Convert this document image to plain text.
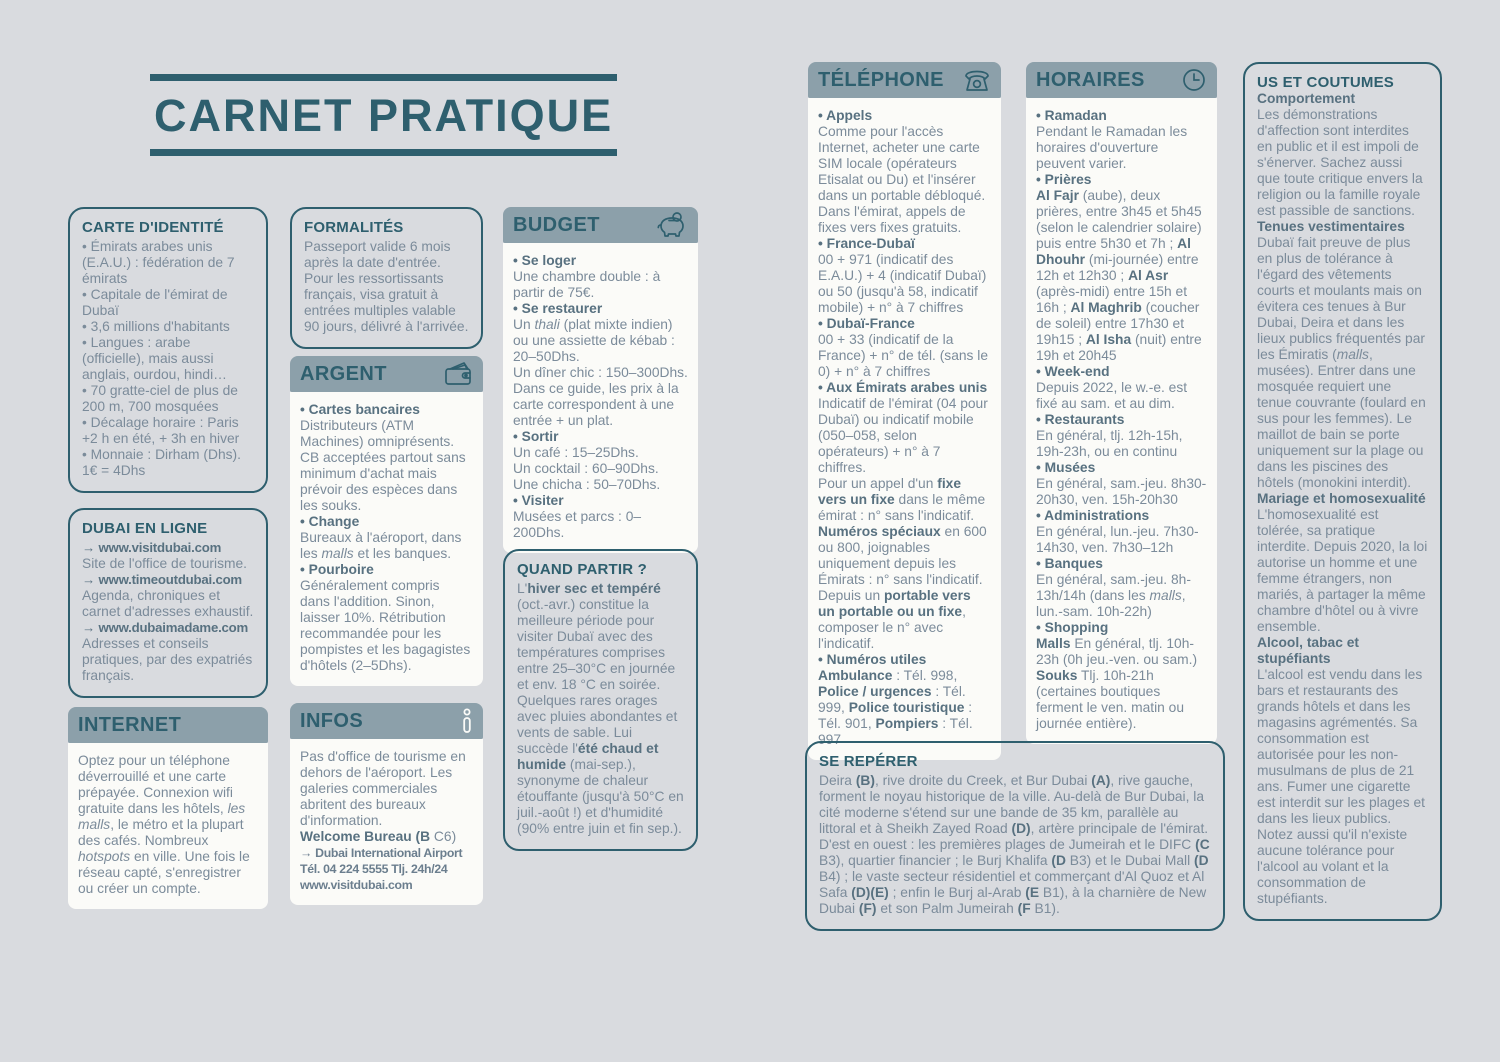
CARNET PRATIQUE
CARTE D'IDENTITÉ
• Émirats arabes unis (E.A.U.) : fédération de 7 émirats
• Capitale de l'émirat de Dubaï
• 3,6 millions d'habitants
• Langues : arabe (officielle), mais aussi anglais, ourdou, hindi…
• 70 gratte-ciel de plus de 200 m, 700 mosquées
• Décalage horaire : Paris +2 h en été, + 3h en hiver
• Monnaie : Dirham (Dhs). 1€ = 4Dhs
DUBAI EN LIGNE
→ www.visitdubai.com
Site de l'office de tourisme.
→ www.timeoutdubai.com
Agenda, chroniques et carnet d'adresses exhaustif.
→ www.dubaimadame.com
Adresses et conseils pratiques, par des expatriés français.
INTERNET
Optez pour un téléphone déverrouillé et une carte prépayée. Connexion wifi gratuite dans les hôtels, les malls, le métro et la plupart des cafés. Nombreux hotspots en ville. Une fois le réseau capté, s'enregistrer ou créer un compte.
FORMALITÉS
Passeport valide 6 mois après la date d'entrée. Pour les ressortissants français, visa gratuit à entrées multiples valable 90 jours, délivré à l'arrivée.
ARGENT
• Cartes bancaires
Distributeurs (ATM Machines) omniprésents. CB acceptées partout sans minimum d'achat mais prévoir des espèces dans les souks.
• Change
Bureaux à l'aéroport, dans les malls et les banques.
• Pourboire
Généralement compris dans l'addition. Sinon, laisser 10%. Rétribution recommandée pour les pompistes et les bagagistes d'hôtels (2–5Dhs).
INFOS
Pas d'office de tourisme en dehors de l'aéroport. Les galeries commerciales abritent des bureaux d'information.
Welcome Bureau (B C6)
→ Dubai International Airport Tél. 04 224 5555 Tlj. 24h/24 www.visitdubai.com
BUDGET
• Se loger
Une chambre double : à partir de 75€.
• Se restaurer
Un thali (plat mixte indien) ou une assiette de kébab : 20–50Dhs.
Un dîner chic : 150–300Dhs.
Dans ce guide, les prix à la carte correspondent à une entrée + un plat.
• Sortir
Un café : 15–25Dhs.
Un cocktail : 60–90Dhs.
Une chicha : 50–70Dhs.
• Visiter
Musées et parcs : 0–200Dhs.
QUAND PARTIR ?
L'hiver sec et tempéré (oct.-avr.) constitue la meilleure période pour visiter Dubaï avec des températures comprises entre 25–30°C en journée et env. 18 °C en soirée. Quelques rares orages avec pluies abondantes et vents de sable. Lui succède l'été chaud et humide (mai-sep.), synonyme de chaleur étouffante (jusqu'à 50°C en juil.-août !) et d'humidité (90% entre juin et fin sep.).
TÉLÉPHONE
• Appels
Comme pour l'accès Internet, acheter une carte SIM locale (opérateurs Etisalat ou Du) et l'insérer dans un portable débloqué. Dans l'émirat, appels de fixes vers fixes gratuits.
• France-Dubaï
00 + 971 (indicatif des E.A.U.) + 4 (indicatif Dubaï) ou 50 (jusqu'à 58, indicatif mobile) + n° à 7 chiffres
• Dubaï-France
00 + 33 (indicatif de la France) + n° de tél. (sans le 0) + n° à 7 chiffres
• Aux Émirats arabes unis
Indicatif de l'émirat (04 pour Dubaï) ou indicatif mobile (050–058, selon opérateurs) + n° à 7 chiffres.
Pour un appel d'un fixe vers un fixe dans le même émirat : n° sans l'indicatif. Numéros spéciaux en 600 ou 800, joignables uniquement depuis les Émirats : n° sans l'indicatif. Depuis un portable vers un portable ou un fixe, composer le n° avec l'indicatif.
• Numéros utiles
Ambulance : Tél. 998, Police / urgences : Tél. 999, Police touristique : Tél. 901, Pompiers : Tél. 997
HORAIRES
• Ramadan
Pendant le Ramadan les horaires d'ouverture peuvent varier.
• Prières
Al Fajr (aube), deux prières, entre 3h45 et 5h45 (selon le calendrier solaire) puis entre 5h30 et 7h ; Al Dhouhr (mi-journée) entre 12h et 12h30 ; Al Asr (après-midi) entre 15h et 16h ; Al Maghrib (coucher de soleil) entre 17h30 et 19h15 ; Al Isha (nuit) entre 19h et 20h45
• Week-end
Depuis 2022, le w.-e. est fixé au sam. et au dim.
• Restaurants
En général, tlj. 12h-15h, 19h-23h, ou en continu
• Musées
En général, sam.-jeu. 8h30-20h30, ven. 15h-20h30
• Administrations
En général, lun.-jeu. 7h30-14h30, ven. 7h30–12h
• Banques
En général, sam.-jeu. 8h-13h/14h (dans les malls, lun.-sam. 10h-22h)
• Shopping
Malls En général, tlj. 10h-23h (0h jeu.-ven. ou sam.)
Souks Tlj. 10h-21h (certaines boutiques ferment le ven. matin ou journée entière).
US ET COUTUMES
Comportement
Les démonstrations d'affection sont interdites en public et il est impoli de s'énerver. Sachez aussi que toute critique envers la religion ou la famille royale est passible de sanctions.
Tenues vestimentaires
Dubaï fait preuve de plus en plus de tolérance à l'égard des vêtements courts et moulants mais on évitera ces tenues à Bur Dubai, Deira et dans les lieux publics fréquentés par les Émiratis (malls, musées). Entrer dans une mosquée requiert une tenue couvrante (foulard en sus pour les femmes). Le maillot de bain se porte uniquement sur la plage ou dans les piscines des hôtels (monokini interdit).
Mariage et homosexualité
L'homosexualité est tolérée, sa pratique interdite. Depuis 2020, la loi autorise un homme et une femme étrangers, non mariés, à partager la même chambre d'hôtel ou à vivre ensemble.
Alcool, tabac et stupéfiants
L'alcool est vendu dans les bars et restaurants des grands hôtels et dans les magasins agrémentés. Sa consommation est autorisée pour les non-musulmans de plus de 21 ans. Fumer une cigarette est interdit sur les plages et dans les lieux publics. Notez aussi qu'il n'existe aucune tolérance pour l'alcool au volant et la consommation de stupéfiants.
SE REPÉRER
Deira (B), rive droite du Creek, et Bur Dubai (A), rive gauche, forment le noyau historique de la ville. Au-delà de Bur Dubai, la cité moderne s'étend sur une bande de 35 km, parallèle au littoral et à Sheikh Zayed Road (D), artère principale de l'émirat. D'est en ouest : les premières plages de Jumeirah et le DIFC (C B3), quartier financier ; le Burj Khalifa (D B3) et le Dubai Mall (D B4) ; le vaste secteur résidentiel et commerçant d'Al Quoz et Al Safa (D)(E) ; enfin le Burj al-Arab (E B1), à la charnière de New Dubai (F) et son Palm Jumeirah (F B1).
